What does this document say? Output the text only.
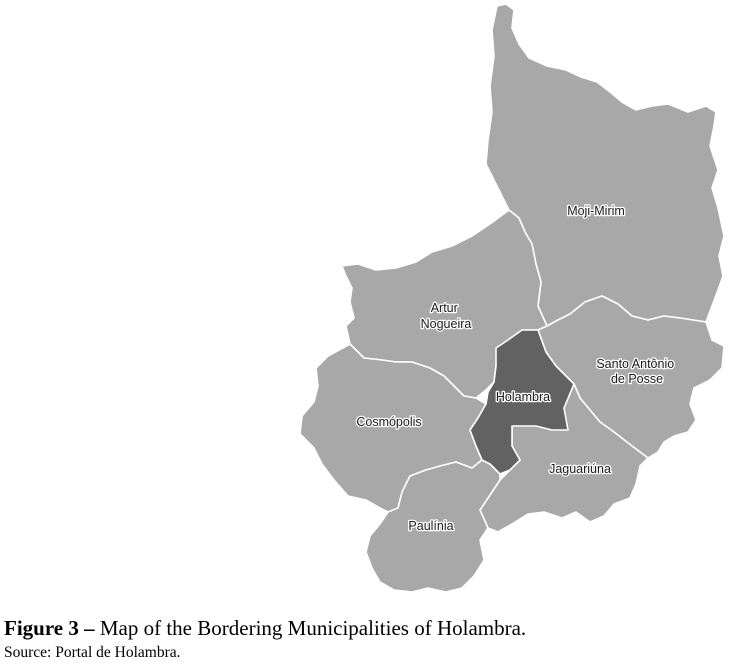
Moji-Mirim
Artur Nogueira
Santo Antônio de Posse
Cosmópolis
Jaguariúna
Paulínia
Holambra

Figure 3 – Map of the Bordering Municipalities of Holambra.

Source: Portal de Holambra.
